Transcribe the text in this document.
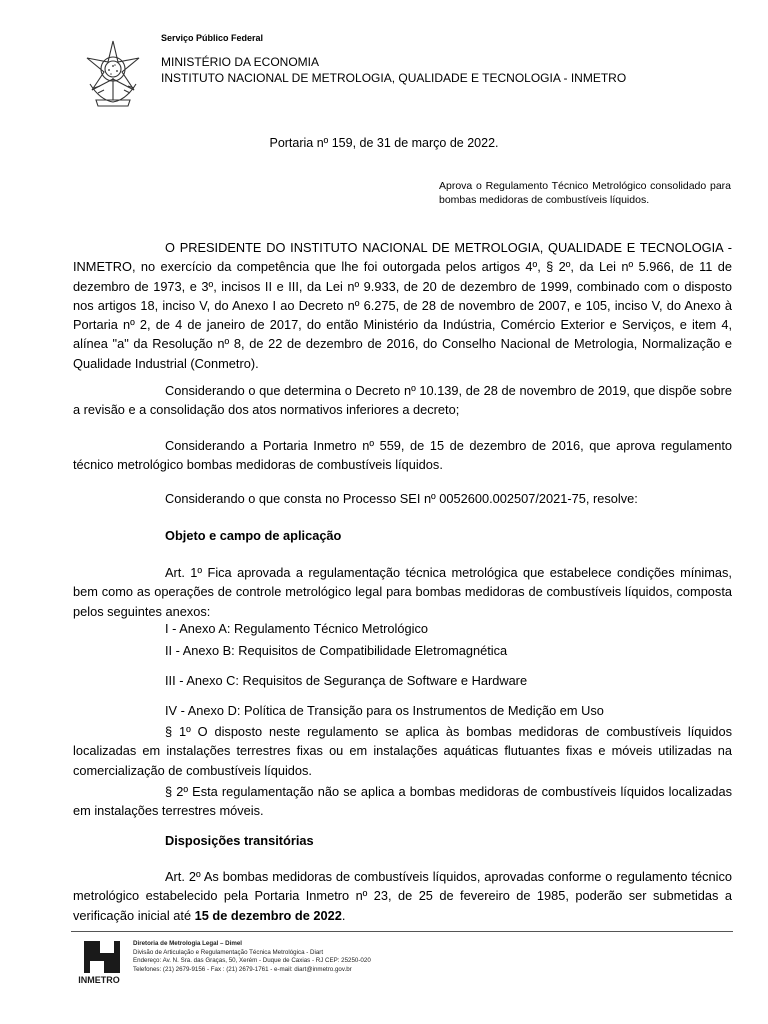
Serviço Público Federal
MINISTÉRIO DA ECONOMIA
INSTITUTO NACIONAL DE METROLOGIA, QUALIDADE E TECNOLOGIA - INMETRO
Portaria nº 159, de 31 de março de 2022.
Aprova o Regulamento Técnico Metrológico consolidado para bombas medidoras de combustíveis líquidos.

O PRESIDENTE DO INSTITUTO NACIONAL DE METROLOGIA, QUALIDADE E TECNOLOGIA - INMETRO, no exercício da competência que lhe foi outorgada pelos artigos 4º, § 2º, da Lei nº 5.966, de 11 de dezembro de 1973, e 3º, incisos II e III, da Lei nº 9.933, de 20 de dezembro de 1999, combinado com o disposto nos artigos 18, inciso V, do Anexo I ao Decreto nº 6.275, de 28 de novembro de 2007, e 105, inciso V, do Anexo à Portaria nº 2, de 4 de janeiro de 2017, do então Ministério da Indústria, Comércio Exterior e Serviços, e item 4, alínea "a" da Resolução nº 8, de 22 de dezembro de 2016, do Conselho Nacional de Metrologia, Normalização e Qualidade Industrial (Conmetro).

Considerando o que determina o Decreto nº 10.139, de 28 de novembro de 2019, que dispõe sobre a revisão e a consolidação dos atos normativos inferiores a decreto;

Considerando a Portaria Inmetro nº 559, de 15 de dezembro de 2016, que aprova regulamento técnico metrológico bombas medidoras de combustíveis líquidos.

Considerando o que consta no Processo SEI nº 0052600.002507/2021-75, resolve:

Objeto e campo de aplicação

Art. 1º Fica aprovada a regulamentação técnica metrológica que estabelece condições mínimas, bem como as operações de controle metrológico legal para bombas medidoras de combustíveis líquidos, composta pelos seguintes anexos:

I - Anexo A: Regulamento Técnico Metrológico
II - Anexo B: Requisitos de Compatibilidade Eletromagnética
III - Anexo C: Requisitos de Segurança de Software e Hardware
IV - Anexo D: Política de Transição para os Instrumentos de Medição em Uso

§ 1º O disposto neste regulamento se aplica às bombas medidoras de combustíveis líquidos localizadas em instalações terrestres fixas ou em instalações aquáticas flutuantes fixas e móveis utilizadas na comercialização de combustíveis líquidos.

§ 2º Esta regulamentação não se aplica a bombas medidoras de combustíveis líquidos localizadas em instalações terrestres móveis.

Disposições transitórias

Art. 2º As bombas medidoras de combustíveis líquidos, aprovadas conforme o regulamento técnico metrológico estabelecido pela Portaria Inmetro nº 23, de 25 de fevereiro de 1985, poderão ser submetidas a verificação inicial até 15 de dezembro de 2022.

INMETRO
Diretoria de Metrologia Legal – Dimel
Divisão de Articulação e Regulamentação Técnica Metrológica - Diart
Endereço: Av. N. Sra. das Graças, 50, Xerém - Duque de Caxias - RJ CEP: 25250-020
Telefones: (21) 2679-9156 - Fax : (21) 2679-1761 - e-mail: diart@inmetro.gov.br
